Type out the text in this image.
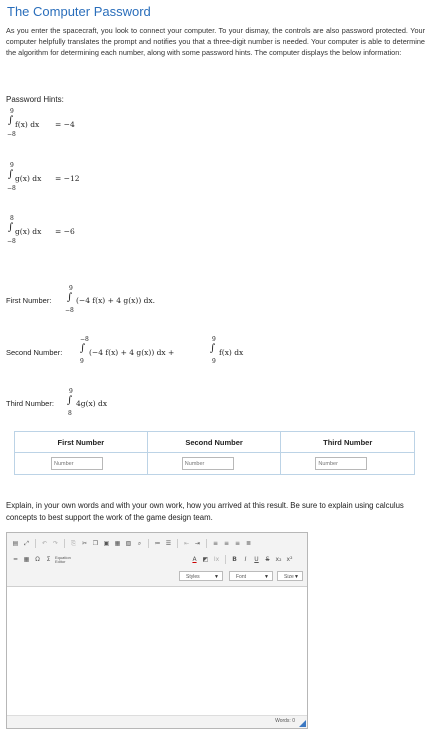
The Computer Password
As you enter the spacecraft, you look to connect your computer. To your dismay, the controls are also password protected. Your computer helpfully translates the prompt and notifies you that a three-digit number is needed. Your computer is able to determine the algorithm for determining each number, along with some password hints. The computer displays the below information:
Password Hints:
9
∫
−8
f(x) dx = −4
9
∫
−8
g(x) dx = −12
8
∫
−8
g(x) dx = −6
First Number:
9
∫
−8
(−4 f(x) + 4 g(x)) dx.
Second Number:
−8
∫
9
(−4 f(x) + 4 g(x)) dx +
9
∫
9
f(x) dx
Third Number:
9
∫
8
4g(x) dx
First Number	Second Number	Third Number
Number	Number	Number
Explain, in your own words and with your own work, how you arrived at this result. Be sure to explain using calculus concepts to best support the work of the game design team.
▤ ⤢	↶ ↷	⎘	✂ ❐ ▣ ▦ ▧	⌕	≔ ☰	⇤ ⇥	≡ ≡ ≡ ≣
━	▦ Ω	Σ	Equation Editor	A	◩ Ix	B	I	U	S	x₂ x²
Styles	▼	Font	▼	Size ▼
Words: 0
